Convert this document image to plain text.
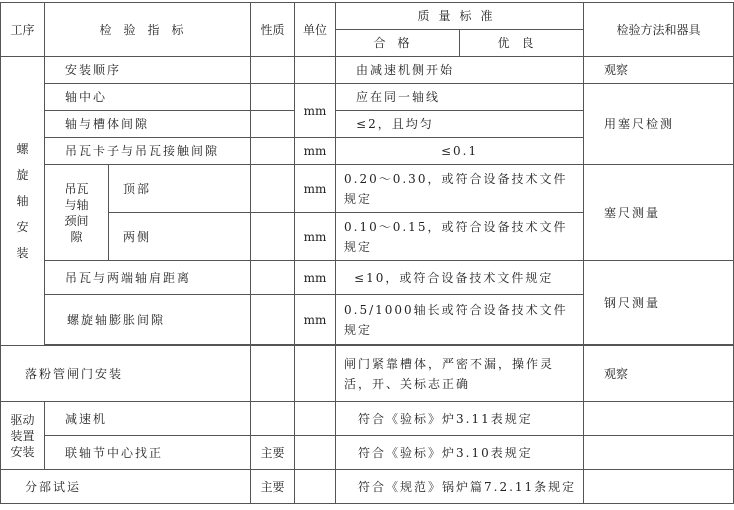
工序	检验指标		性质	单位	质量标准		检验方法和器具
					合格	优良	

螺
旋
轴
安
装	安装顺序				由减速机侧开始		观察
	轴中心			mm	应在同一轴线		用塞尺检测
	轴与槽体间隙				≤2，且均匀		
	吊瓦卡子与吊瓦接触间隙			mm	≤0.1		
	吊瓦与轴颈间隙	顶部		mm	0.20～0.30，或符合设备技术文件规定		塞尺测量
		两侧		mm	0.10～0.15，或符合设备技术文件规定		
	吊瓦与两端轴肩距离			mm	≤10，或符合设备技术文件规定		钢尺测量
	螺旋轴膨胀间隙			mm	0.5/1000轴长或符合设备技术文件规定		

落粉管闸门安装					闸门紧靠槽体，严密不漏，操作灵活，开、关标志正确		观察

驱动
装置
安装	减速机				符合《验标》炉3.11表规定		
	联轴节中心找正		主要		符合《验标》炉3.10表规定		
分部试运			主要		符合《规范》锅炉篇7.2.11条规定		
